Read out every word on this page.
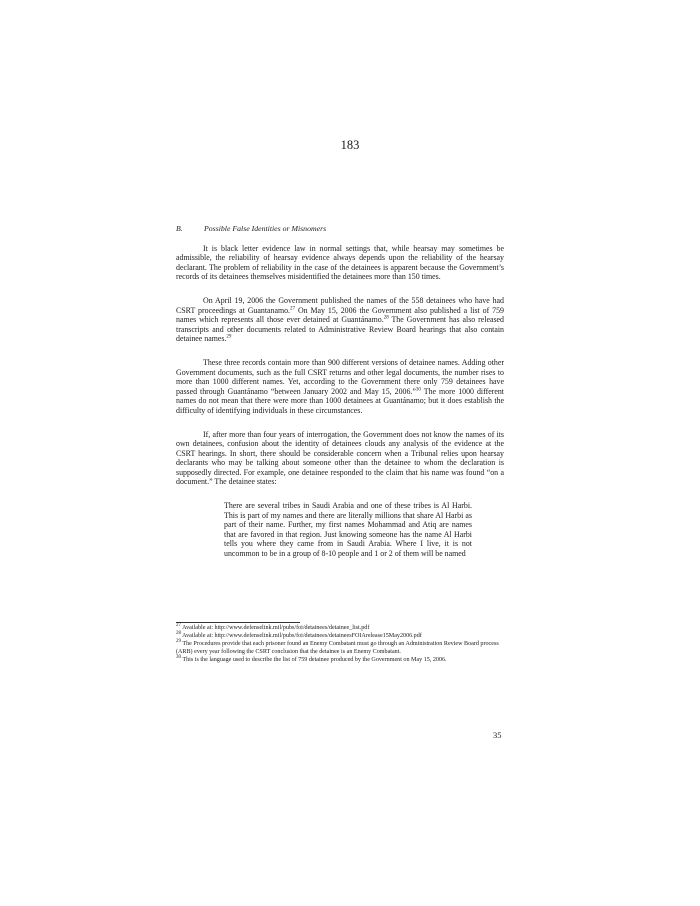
183
B.	Possible False Identities or Misnomers

It is black letter evidence law in normal settings that, while hearsay may sometimes be admissible, the reliability of hearsay evidence always depends upon the reliability of the hearsay declarant. The problem of reliability in the case of the detainees is apparent because the Government’s records of its detainees themselves misidentified the detainees more than 150 times.

On April 19, 2006 the Government published the names of the 558 detainees who have had CSRT proceedings at Guantanamo.$^{27}$ On May 15, 2006 the Government also published a list of 759 names which represents all those ever detained at Guantánamo.$^{28}$ The Government has also released transcripts and other documents related to Administrative Review Board hearings that also contain detainee names.$^{29}$

These three records contain more than 900 different versions of detainee names. Adding other Government documents, such as the full CSRT returns and other legal documents, the number rises to more than 1000 different names. Yet, according to the Government there only 759 detainees have passed through Guantánamo “between January 2002 and May 15, 2006.”$^{30}$ The more 1000 different names do not mean that there were more than 1000 detainees at Guantánamo; but it does establish the difficulty of identifying individuals in these circumstances.

If, after more than four years of interrogation, the Government does not know the names of its own detainees, confusion about the identity of detainees clouds any analysis of the evidence at the CSRT hearings. In short, there should be considerable concern when a Tribunal relies upon hearsay declarants who may be talking about someone other than the detainee to whom the declaration is supposedly directed. For example, one detainee responded to the claim that his name was found “on a document.” The detainee states:

There are several tribes in Saudi Arabia and one of these tribes is Al Harbi. This is part of my names and there are literally millions that share Al Harbi as part of their name. Further, my first names Mohammad and Atiq are names that are favored in that region. Just knowing someone has the name Al Harbi tells you where they came from in Saudi Arabia. Where I live, it is not uncommon to be in a group of 8-10 people and 1 or 2 of them will be named

$^{27}$ Available at: http://www.defenselink.mil/pubs/foi/detainees/detainee_list.pdf
$^{28}$ Available at: http://www.defenselink.mil/pubs/foi/detainees/detaineesFOIArelease15May2006.pdf
$^{29}$ The Procedures provide that each prisoner found an Enemy Combatant must go through an Administration Review Board process (ARB) every year following the CSRT conclusion that the detainee is an Enemy Combatant.
$^{30}$ This is the language used to describe the list of 759 detainee produced by the Government on May 15, 2006.
35
